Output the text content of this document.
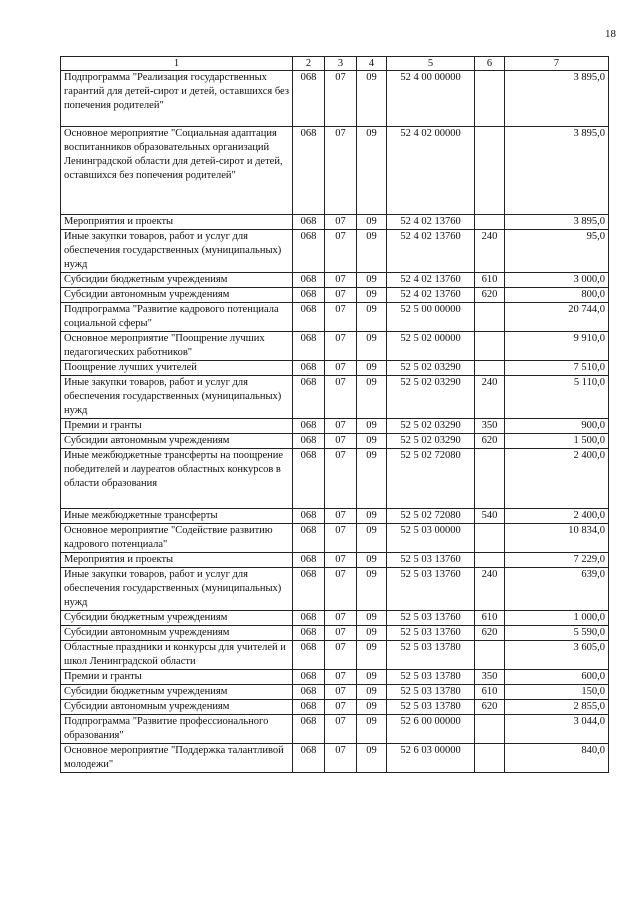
18
1	2	3	4	5	6	7
Подпрограмма "Реализация государственных гарантий для детей-сирот и детей, оставшихся без попечения родителей"	068	07	09	52 4 00 00000		3 895,0
Основное мероприятие "Социальная адаптация воспитанников образовательных организаций Ленинградской области для детей-сирот и детей, оставшихся без попечения родителей"	068	07	09	52 4 02 00000		3 895,0
Мероприятия и проекты	068	07	09	52 4 02 13760		3 895,0
Иные закупки товаров, работ и услуг для обеспечения государственных (муниципальных) нужд	068	07	09	52 4 02 13760	240	95,0
Субсидии бюджетным учреждениям	068	07	09	52 4 02 13760	610	3 000,0
Субсидии автономным учреждениям	068	07	09	52 4 02 13760	620	800,0
Подпрограмма "Развитие кадрового потенциала социальной сферы"	068	07	09	52 5 00 00000		20 744,0
Основное мероприятие "Поощрение лучших педагогических работников"	068	07	09	52 5 02 00000		9 910,0
Поощрение лучших учителей	068	07	09	52 5 02 03290		7 510,0
Иные закупки товаров, работ и услуг для обеспечения государственных (муниципальных) нужд	068	07	09	52 5 02 03290	240	5 110,0
Премии и гранты	068	07	09	52 5 02 03290	350	900,0
Субсидии автономным учреждениям	068	07	09	52 5 02 03290	620	1 500,0
Иные межбюджетные трансферты на поощрение победителей и лауреатов областных конкурсов в области образования	068	07	09	52 5 02 72080		2 400,0
Иные межбюджетные трансферты	068	07	09	52 5 02 72080	540	2 400,0
Основное мероприятие "Содействие развитию кадрового потенциала"	068	07	09	52 5 03 00000		10 834,0
Мероприятия и проекты	068	07	09	52 5 03 13760		7 229,0
Иные закупки товаров, работ и услуг для обеспечения государственных (муниципальных) нужд	068	07	09	52 5 03 13760	240	639,0
Субсидии бюджетным учреждениям	068	07	09	52 5 03 13760	610	1 000,0
Субсидии автономным учреждениям	068	07	09	52 5 03 13760	620	5 590,0
Областные праздники и конкурсы для учителей и школ Ленинградской области	068	07	09	52 5 03 13780		3 605,0
Премии и гранты	068	07	09	52 5 03 13780	350	600,0
Субсидии бюджетным учреждениям	068	07	09	52 5 03 13780	610	150,0
Субсидии автономным учреждениям	068	07	09	52 5 03 13780	620	2 855,0
Подпрограмма "Развитие профессионального образования"	068	07	09	52 6 00 00000		3 044,0
Основное мероприятие "Поддержка талантливой молодежи"	068	07	09	52 6 03 00000		840,0
